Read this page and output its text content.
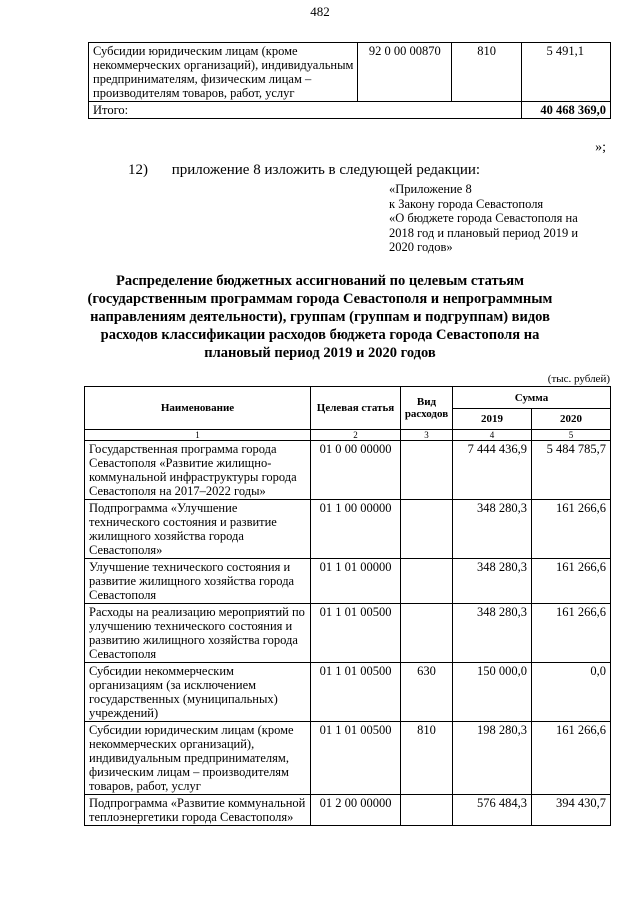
482
Субсидии юридическим лицам (кроме некоммерческих организаций), индивидуальным предпринимателям, физическим лицам – производителям товаров, работ, услуг	92 0 00 00870	810	5 491,1
Итого:			40 468 369,0
»;
12) приложение 8 изложить в следующей редакции:
«Приложение 8
к Закону города Севастополя
«О бюджете города Севастополя на
2018 год и плановый период 2019 и
2020 годов»
Распределение бюджетных ассигнований по целевым статьям (государственным программам города Севастополя и непрограммным направлениям деятельности), группам (группам и подгруппам) видов расходов классификации расходов бюджета города Севастополя на плановый период 2019 и 2020 годов
(тыс. рублей)
Наименование	Целевая статья	Вид расходов	Сумма	
			2019	2020
1	2	3	4	5
Государственная программа города Севастополя «Развитие жилищно-коммунальной инфраструктуры города Севастополя на 2017–2022 годы»	01 0 00 00000		7 444 436,9	5 484 785,7
Подпрограмма «Улучшение технического состояния и развитие жилищного хозяйства города Севастополя»	01 1 00 00000		348 280,3	161 266,6
Улучшение технического состояния и развитие жилищного хозяйства города Севастополя	01 1 01 00000		348 280,3	161 266,6
Расходы на реализацию мероприятий по улучшению технического состояния и развитию жилищного хозяйства города Севастополя	01 1 01 00500		348 280,3	161 266,6
Субсидии некоммерческим организациям (за исключением государственных (муниципальных) учреждений)	01 1 01 00500	630	150 000,0	0,0
Субсидии юридическим лицам (кроме некоммерческих организаций), индивидуальным предпринимателям, физическим лицам – производителям товаров, работ, услуг	01 1 01 00500	810	198 280,3	161 266,6
Подпрограмма «Развитие коммунальной теплоэнергетики города Севастополя»	01 2 00 00000		576 484,3	394 430,7
